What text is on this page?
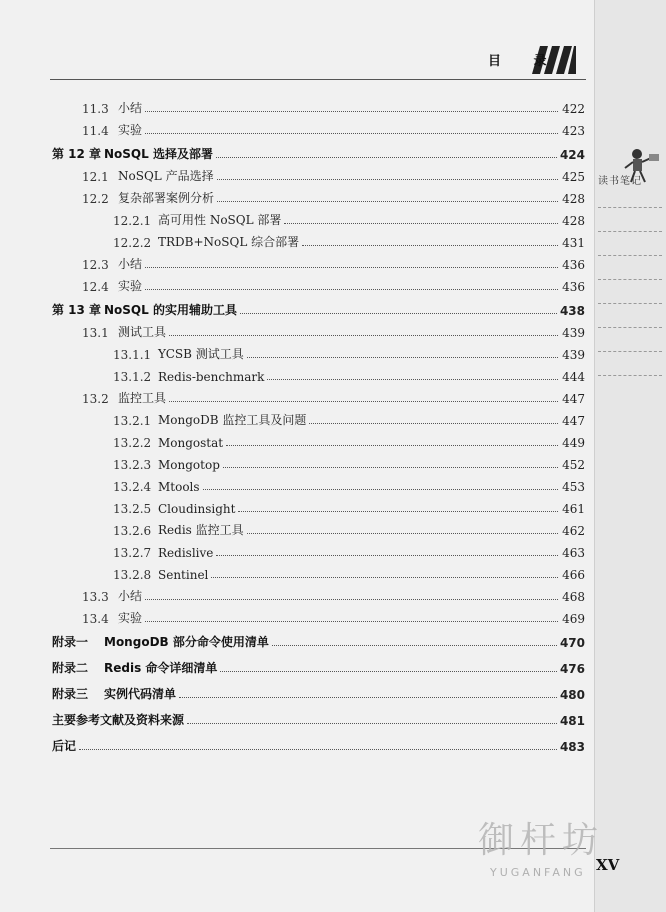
读书笔记
目 录
11.3 小结	422
11.4 实验	423
第 12 章 NoSQL 选择及部署	424
12.1 NoSQL 产品选择	425
12.2 复杂部署案例分析	428
12.2.1 高可用性 NoSQL 部署	428
12.2.2 TRDB+NoSQL 综合部署	431
12.3 小结	436
12.4 实验	436
第 13 章 NoSQL 的实用辅助工具	438
13.1 测试工具	439
13.1.1 YCSB 测试工具	439
13.1.2 Redis-benchmark	444
13.2 监控工具	447
13.2.1 MongoDB 监控工具及问题	447
13.2.2 Mongostat	449
13.2.3 Mongotop	452
13.2.4 Mtools	453
13.2.5 Cloudinsight	461
13.2.6 Redis 监控工具	462
13.2.7 Redislive	463
13.2.8 Sentinel	466
13.3 小结	468
13.4 实验	469
附录一	MongoDB 部分命令使用清单	470
附录二	Redis 命令详细清单	476
附录三	实例代码清单	480
主要参考文献及资料来源	481
后记	483
御杆坊
YUGANFANG XV
